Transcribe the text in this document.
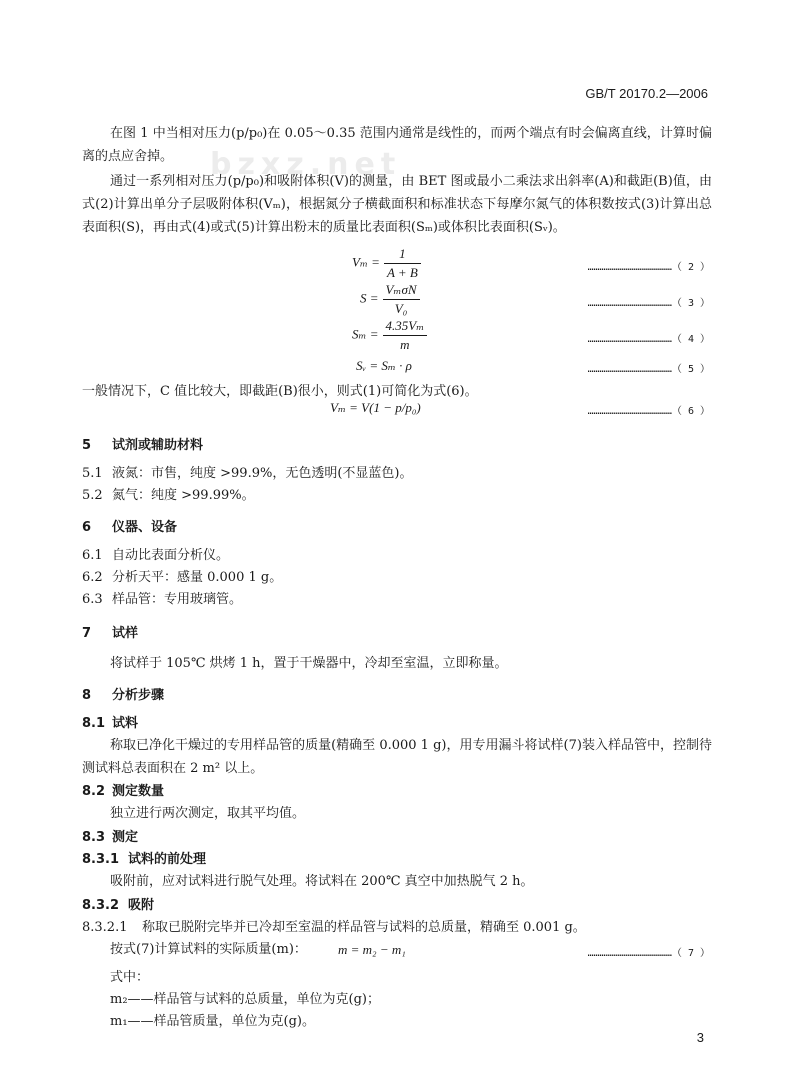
bzxz.net
GB/T 20170.2—2006
在图 1 中当相对压力(p/p₀)在 0.05～0.35 范围内通常是线性的，而两个端点有时会偏离直线，计算时偏离的点应舍掉。
通过一系列相对压力(p/p₀)和吸附体积(V)的测量，由 BET 图或最小二乘法求出斜率(A)和截距(B)值，由式(2)计算出单分子层吸附体积(Vₘ)，根据氮分子横截面积和标准状态下每摩尔氮气的体积数按式(3)计算出总表面积(S)，再由式(4)或式(5)计算出粉末的质量比表面积(Sₘ)或体积比表面积(Sᵥ)。
$V_m = \frac{1}{A + B}$	……………………………………（ 2 ）
$S = \frac{\text{VₘσN}}{\text{V₀}}$	……………………………………（ 3 ）
$S_m = \frac{\text{4.35Vₘ}}{m}$	……………………………………（ 4 ）
Sᵥ = Sₘ · ρ	……………………………………（ 5 ）
一般情况下，C 值比较大，即截距(B)很小，则式(1)可简化为式(6)。
Vₘ = V(1 − p/p₀)	……………………………………（ 6 ）
5 试剂或辅助材料
5.1 液氮：市售，纯度 >99.9%，无色透明(不显蓝色)。
5.2 氮气：纯度 >99.99%。
6 仪器、设备
6.1 自动比表面分析仪。
6.2 分析天平：感量 0.000 1 g。
6.3 样品管：专用玻璃管。
7 试样
将试样于 105℃ 烘烤 1 h，置于干燥器中，冷却至室温，立即称量。
8 分析步骤
8.1 试料
称取已净化干燥过的专用样品管的质量(精确至 0.000 1 g)，用专用漏斗将试样(7)装入样品管中，控制待测试料总表面积在 2 m² 以上。
8.2 测定数量
独立进行两次测定，取其平均值。
8.3 测定
8.3.1 试料的前处理
吸附前，应对试料进行脱气处理。将试料在 200℃ 真空中加热脱气 2 h。
8.3.2 吸附
8.3.2.1 称取已脱附完毕并已冷却至室温的样品管与试料的总质量，精确至 0.001 g。
按式(7)计算试料的实际质量(m)： m = m₂ − m₁	……………………………………（ 7 ）
式中：
m₂——样品管与试料的总质量，单位为克(g)；
m₁——样品管质量，单位为克(g)。
3
